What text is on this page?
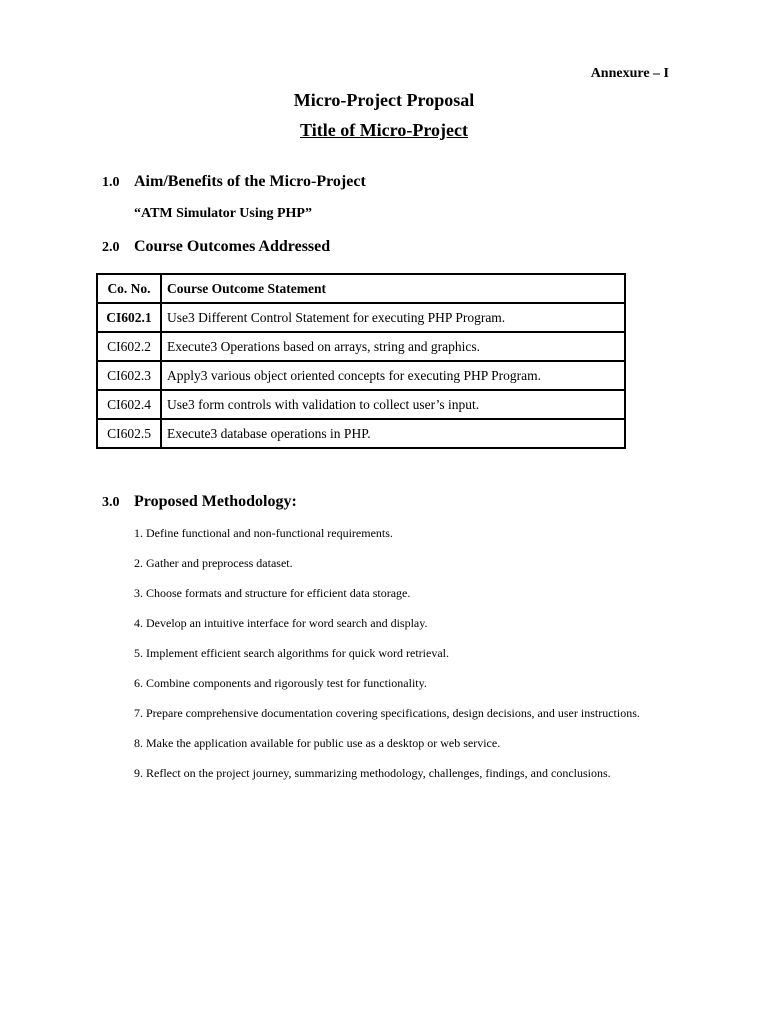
Annexure – I
Micro-Project Proposal
Title of Micro-Project
1.0 Aim/Benefits of the Micro-Project
“ATM Simulator Using PHP”
2.0 Course Outcomes Addressed
Co. No.	Course Outcome Statement
CI602.1	Use3 Different Control Statement for executing PHP Program.
CI602.2	Execute3 Operations based on arrays, string and graphics.
CI602.3	Apply3 various object oriented concepts for executing PHP Program.
CI602.4	Use3 form controls with validation to collect user’s input.
CI602.5	Execute3 database operations in PHP.
3.0 Proposed Methodology:
1. Define functional and non-functional requirements.
2. Gather and preprocess dataset.
3. Choose formats and structure for efficient data storage.
4. Develop an intuitive interface for word search and display.
5. Implement efficient search algorithms for quick word retrieval.
6. Combine components and rigorously test for functionality.
7. Prepare comprehensive documentation covering specifications, design decisions, and user instructions.
8. Make the application available for public use as a desktop or web service.
9. Reflect on the project journey, summarizing methodology, challenges, findings, and conclusions.
